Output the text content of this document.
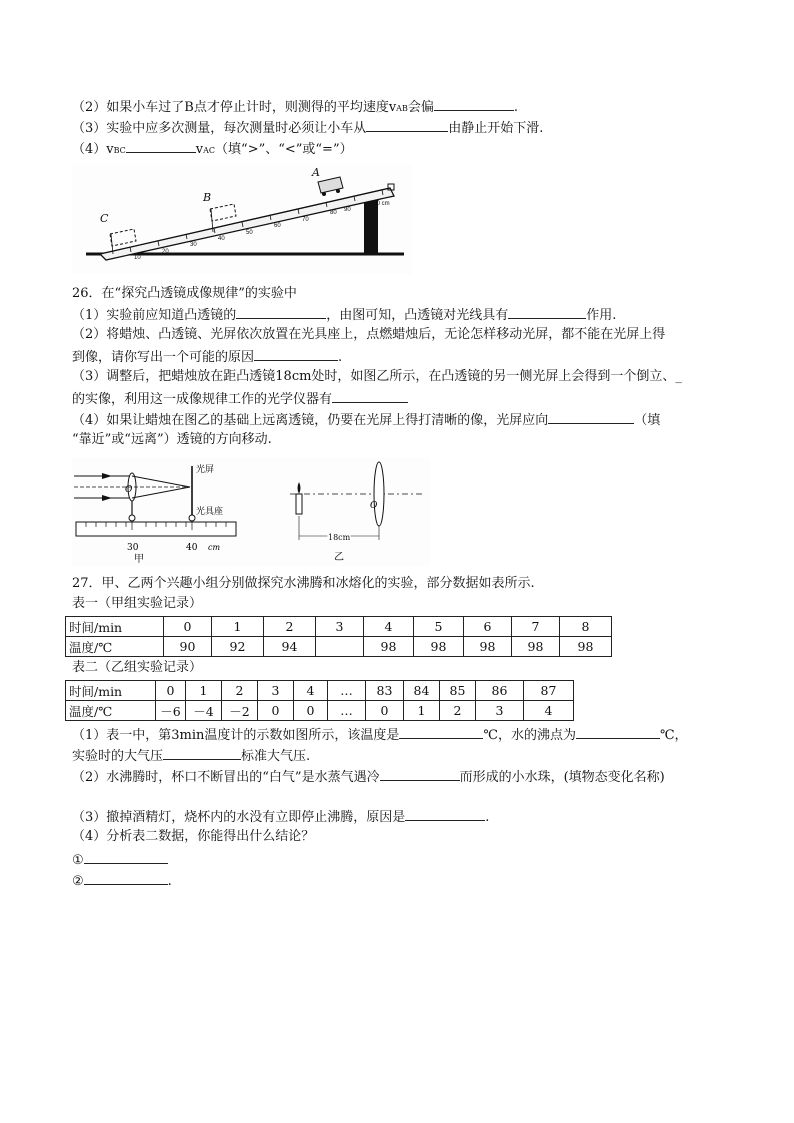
（2）如果小车过了B点才停止计时，则测得的平均速度vAB会偏	.
（3）实验中应多次测量，每次测量时必须让小车从	由静止开始下滑.
（4）vBC	vAC（填“>”、“<”或“=”）
10
20
30
40
50
60
70
80 90
100 cm
A
B
C
26．在“探究凸透镜成像规律”的实验中
（1）实验前应知道凸透镜的	，由图可知，凸透镜对光线具有	作用.
（2）将蜡烛、凸透镜、光屏依次放置在光具座上，点燃蜡烛后，无论怎样移动光屏，都不能在光屏上得
到像，请你写出一个可能的原因	.
（3）调整后，把蜡烛放在距凸透镜18cm处时，如图乙所示，在凸透镜的另一侧光屏上会得到一个倒立、_
的实像，利用这一成像规律工作的光学仪器有
（4）如果让蜡烛在图乙的基础上远离透镜，仍要在光屏上得打清晰的像，光屏应向	（填
“靠近”或“远离”）透镜的方向移动.
30	40 cm
光屏
光具座
O
甲
O
18cm
乙
27．甲、乙两个兴趣小组分别做探究水沸腾和冰熔化的实验，部分数据如表所示.
表一（甲组实验记录）
时间/min	0	1	2	3	4	5	6	7	8
温度/℃	90	92	94		98	98	98	98	98
表二（乙组实验记录）
时间/min	0	1	2	3	4	…	83	84	85	86	87
温度/℃	－6	－4	－2	0	0	…	0	1	2	3	4
（1）表一中，第3min温度计的示数如图所示，该温度是	℃，水的沸点为	℃，
实验时的大气压	标准大气压.
（2）水沸腾时，杯口不断冒出的“白气”是水蒸气遇冷	而形成的小水珠，(填物态变化名称)
（3）撤掉酒精灯，烧杯内的水没有立即停止沸腾，原因是	.
（4）分析表二数据，你能得出什么结论？
①
②	.
